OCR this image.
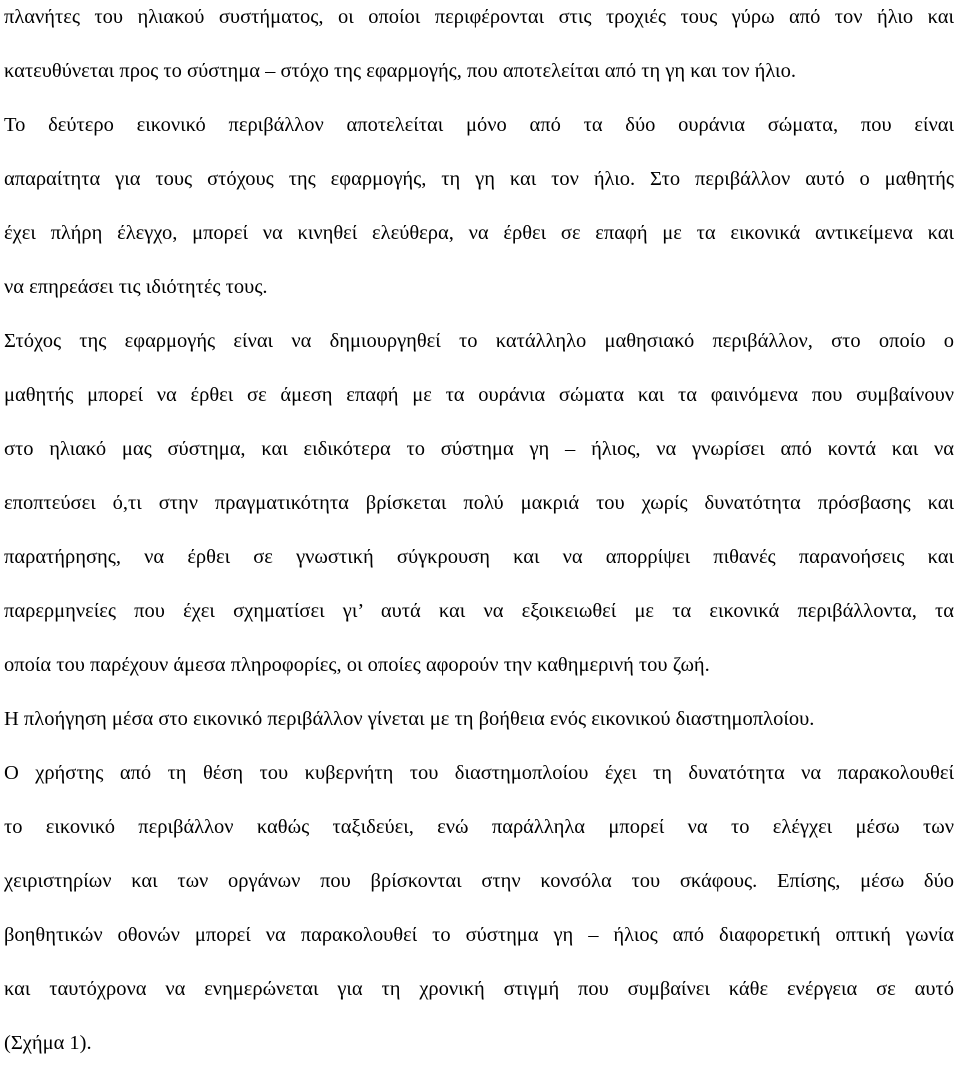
πλανήτες του ηλιακού συστήματος, οι οποίοι περιφέρονται στις τροχιές τους γύρω από τον ήλιο και
κατευθύνεται προς το σύστημα – στόχο της εφαρμογής, που αποτελείται από τη γη και τον ήλιο.
Το δεύτερο εικονικό περιβάλλον αποτελείται μόνο από τα δύο ουράνια σώματα, που είναι
απαραίτητα για τους στόχους της εφαρμογής, τη γη και τον ήλιο. Στο περιβάλλον αυτό ο μαθητής
έχει πλήρη έλεγχο, μπορεί να κινηθεί ελεύθερα, να έρθει σε επαφή με τα εικονικά αντικείμενα και
να επηρεάσει τις ιδιότητές τους.
Στόχος της εφαρμογής είναι να δημιουργηθεί το κατάλληλο μαθησιακό περιβάλλον, στο οποίο ο
μαθητής μπορεί να έρθει σε άμεση επαφή με τα ουράνια σώματα και τα φαινόμενα που συμβαίνουν
στο ηλιακό μας σύστημα, και ειδικότερα το σύστημα γη – ήλιος, να γνωρίσει από κοντά και να
εποπτεύσει ό,τι στην πραγματικότητα βρίσκεται πολύ μακριά του χωρίς δυνατότητα πρόσβασης και
παρατήρησης, να έρθει σε γνωστική σύγκρουση και να απορρίψει πιθανές παρανοήσεις και
παρερμηνείες που έχει σχηματίσει γι’ αυτά και να εξοικειωθεί με τα εικονικά περιβάλλοντα, τα
οποία του παρέχουν άμεσα πληροφορίες, οι οποίες αφορούν την καθημερινή του ζωή.
Η πλοήγηση μέσα στο εικονικό περιβάλλον γίνεται με τη βοήθεια ενός εικονικού διαστημοπλοίου.
Ο χρήστης από τη θέση του κυβερνήτη του διαστημοπλοίου έχει τη δυνατότητα να παρακολουθεί
το εικονικό περιβάλλον καθώς ταξιδεύει, ενώ παράλληλα μπορεί να το ελέγχει μέσω των
χειριστηρίων και των οργάνων που βρίσκονται στην κονσόλα του σκάφους. Επίσης, μέσω δύο
βοηθητικών οθονών μπορεί να παρακολουθεί το σύστημα γη – ήλιος από διαφορετική οπτική γωνία
και ταυτόχρονα να ενημερώνεται για τη χρονική στιγμή που συμβαίνει κάθε ενέργεια σε αυτό
(Σχήμα 1).
